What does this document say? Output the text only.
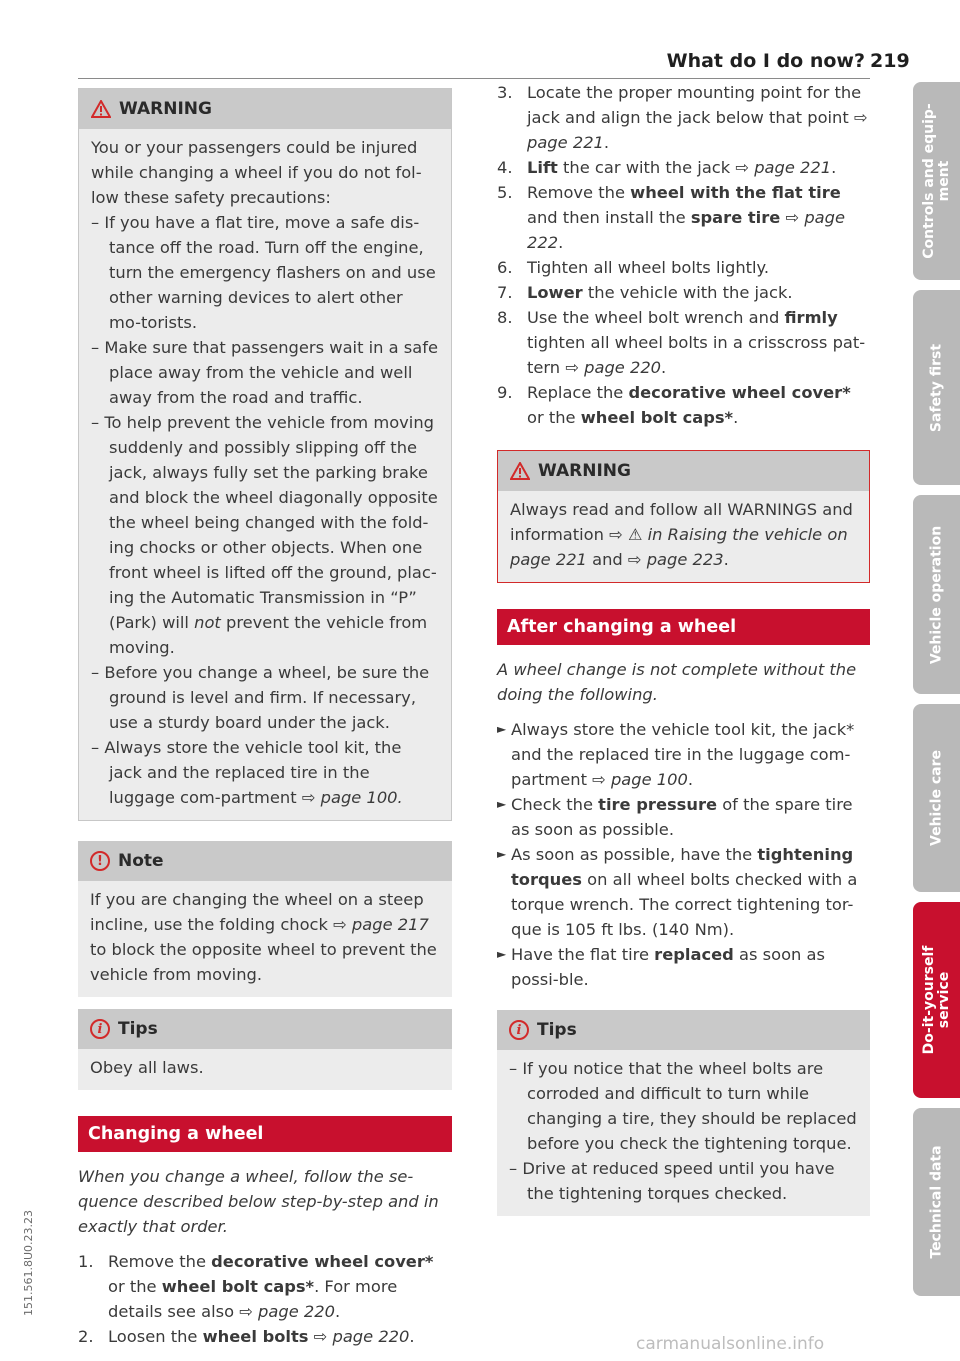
What do I do now? 219
WARNING

You or your passengers could be injured while changing a wheel if you do not fol-low these safety precautions:

– If you have a flat tire, move a safe dis-tance off the road. Turn off the engine, turn the emergency flashers on and use other warning devices to alert other mo-torists.

– Make sure that passengers wait in a safe place away from the vehicle and well away from the road and traffic.

– To help prevent the vehicle from moving suddenly and possibly slipping off the jack, always fully set the parking brake and block the wheel diagonally opposite the wheel being changed with the fold-ing chocks or other objects. When one front wheel is lifted off the ground, plac-ing the Automatic Transmission in “P” (Park) will not prevent the vehicle from moving.

– Before you change a wheel, be sure the ground is level and firm. If necessary, use a sturdy board under the jack.

– Always store the vehicle tool kit, the jack and the replaced tire in the luggage com-partment ⇨ page 100.

! Note

If you are changing the wheel on a steep incline, use the folding chock ⇨ page 217 to block the opposite wheel to prevent the vehicle from moving.

i Tips

Obey all laws.

Changing a wheel

When you change a wheel, follow the se-quence described below step-by-step and in exactly that order.

1. Remove the decorative wheel cover* or the wheel bolt caps*. For more details see also ⇨ page 220.
2. Loosen the wheel bolts ⇨ page 220.
3. Locate the proper mounting point for the jack and align the jack below that point ⇨ page 221.
4. Lift the car with the jack ⇨ page 221.
5. Remove the wheel with the flat tire and then install the spare tire ⇨ page 222.
6. Tighten all wheel bolts lightly.
7. Lower the vehicle with the jack.
8. Use the wheel bolt wrench and firmly tighten all wheel bolts in a crisscross pat-tern ⇨ page 220.
9. Replace the decorative wheel cover* or the wheel bolt caps*.
WARNING

Always read and follow all WARNINGS and information ⇨ ⚠ in Raising the vehicle on page 221 and ⇨ page 223.

After changing a wheel

A wheel change is not complete without the doing the following.

► Always store the vehicle tool kit, the jack* and the replaced tire in the luggage com-partment ⇨ page 100.
► Check the tire pressure of the spare tire as soon as possible.
► As soon as possible, have the tightening torques on all wheel bolts checked with a torque wrench. The correct tightening tor-que is 105 ft lbs. (140 Nm).
► Have the flat tire replaced as soon as possi-ble.
i Tips

– If you notice that the wheel bolts are corroded and difficult to turn while changing a tire, they should be replaced before you check the tightening torque.

– Drive at reduced speed until you have the tightening torques checked.

Controls and equip-
ment
Safety first
Vehicle operation
Vehicle care
Do-it-yourself
service
Technical data
151.561.8U0.23.23
carmanualsonline.info
